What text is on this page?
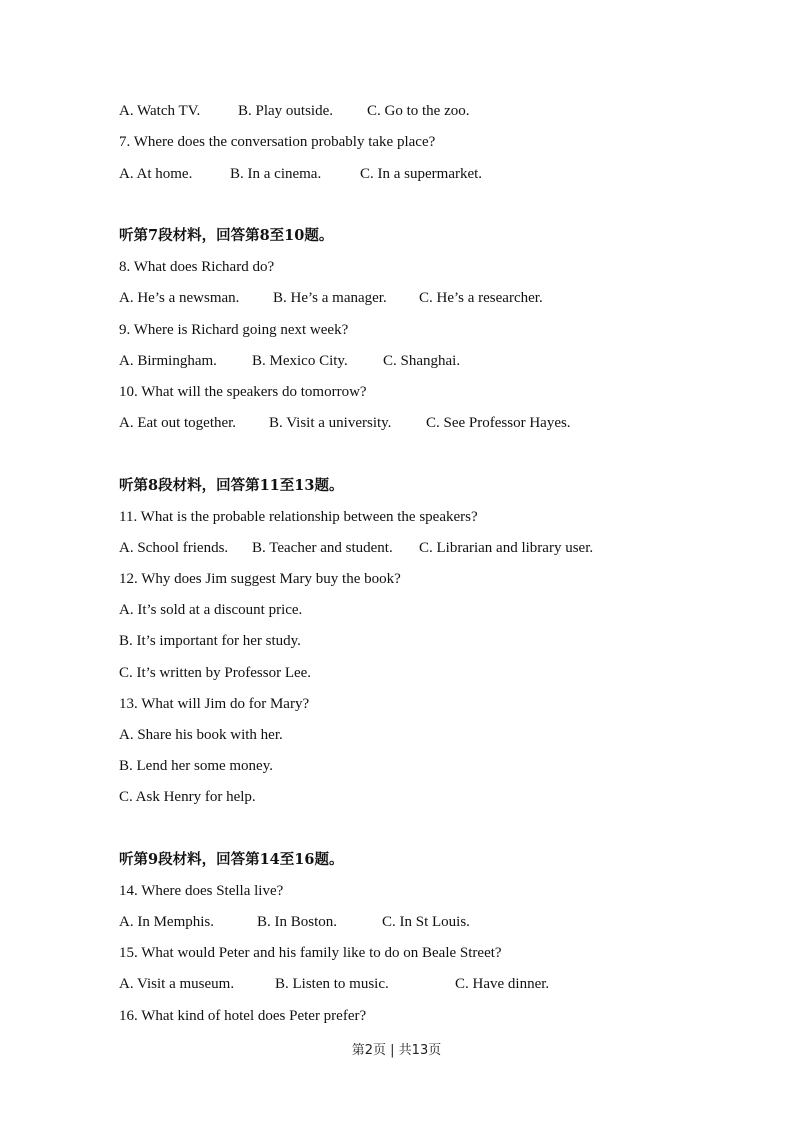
A. Watch TV.	B. Play outside. C. Go to the zoo.
7. Where does the conversation probably take place?
A. At home.	B. In a cinema.	C. In a supermarket.
听第7段材料，回答第8至10题。
8. What does Richard do?
A. He’s a newsman. B. He’s a manager. C. He’s a researcher.
9. Where is Richard going next week?
A. Birmingham. B. Mexico City. C. Shanghai.
10. What will the speakers do tomorrow?
A. Eat out together. B. Visit a university. C. See Professor Hayes.
听第8段材料，回答第11至13题。
11. What is the probable relationship between the speakers?
A. School friends. B. Teacher and student. C. Librarian and library user.
12. Why does Jim suggest Mary buy the book?
A. It’s sold at a discount price.
B. It’s important for her study.
C. It’s written by Professor Lee.
13. What will Jim do for Mary?
A. Share his book with her.
B. Lend her some money.
C. Ask Henry for help.
听第9段材料，回答第14至16题。
14. Where does Stella live?
A. In Memphis.	B. In Boston.	C. In St Louis.
15. What would Peter and his family like to do on Beale Street?
A. Visit a museum.	B. Listen to music.	C. Have dinner.
16. What kind of hotel does Peter prefer?
第2页 | 共13页
